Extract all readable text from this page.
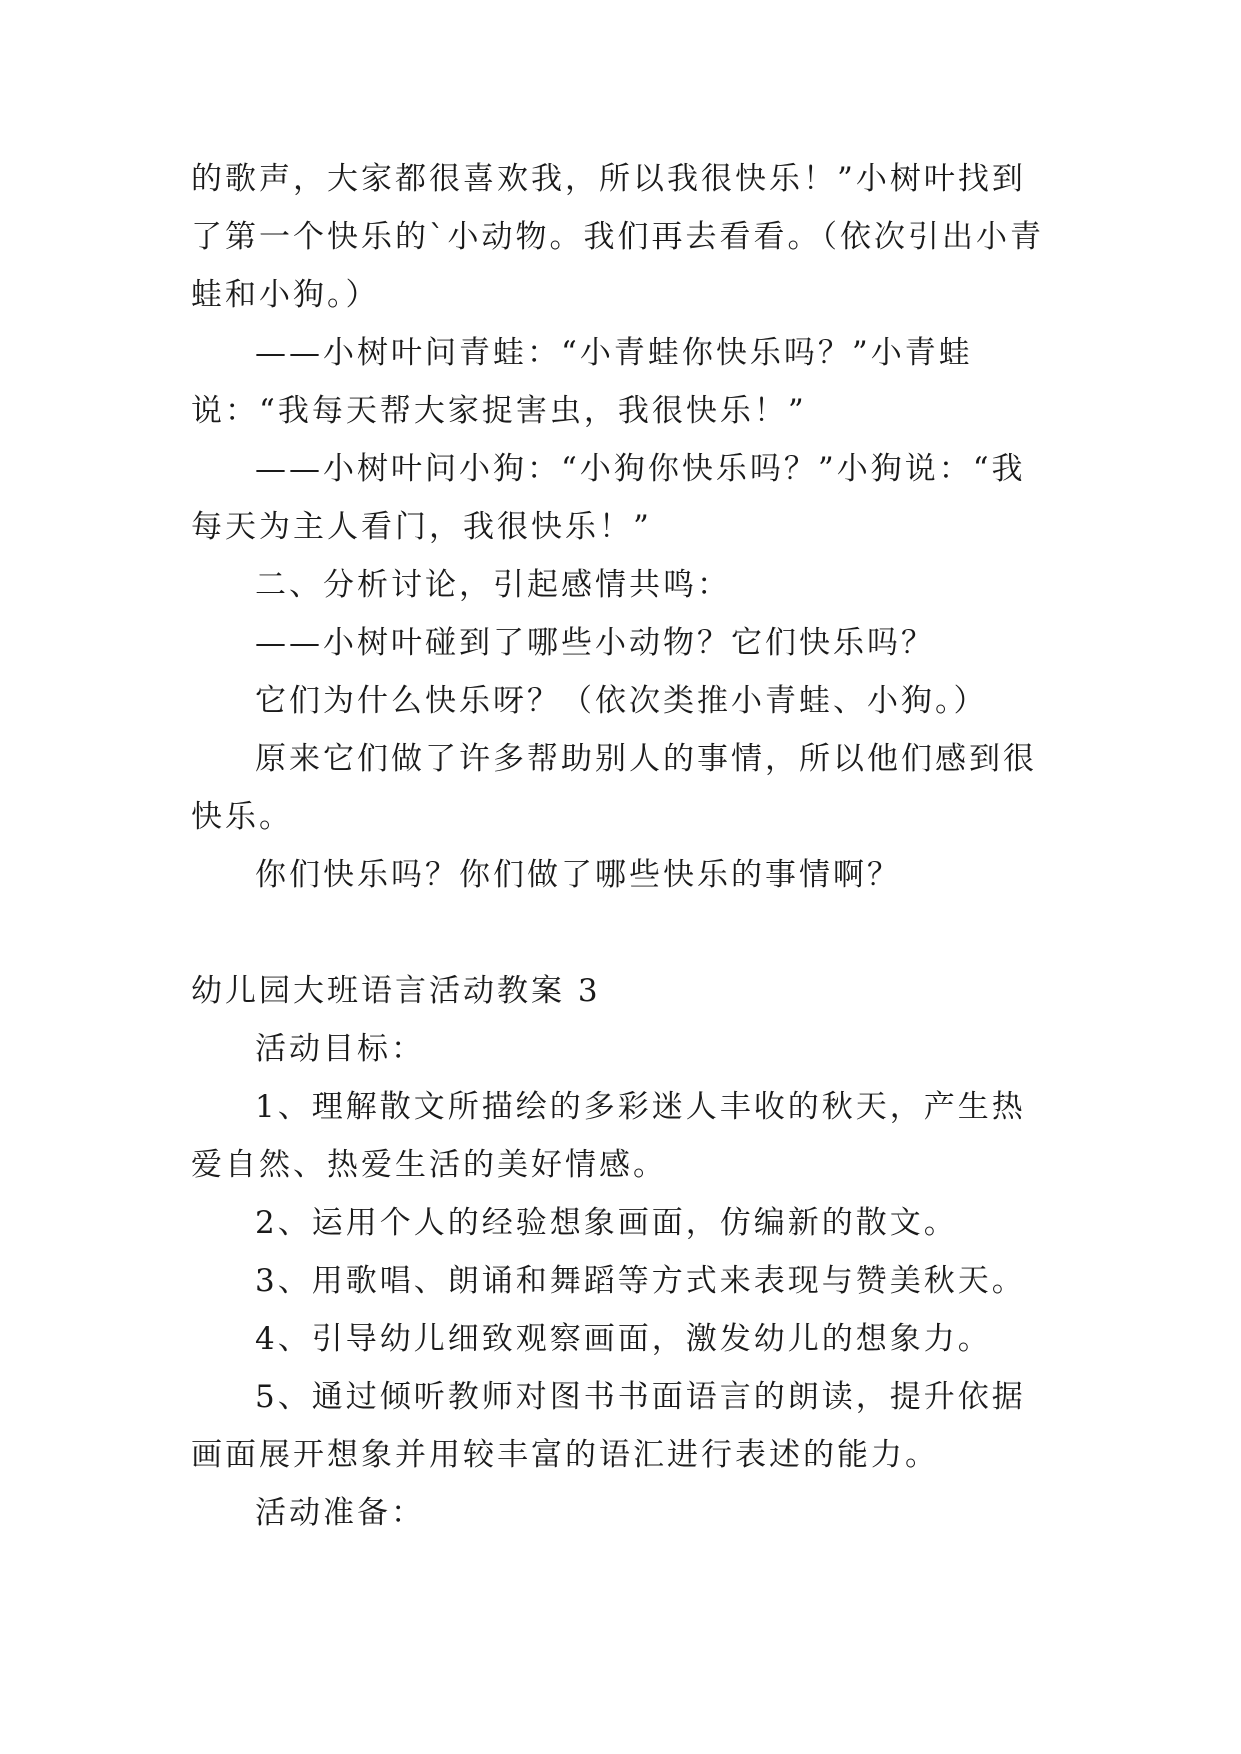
的歌声，大家都很喜欢我，所以我很快乐！”小树叶找到了第一个快乐的`小动物。我们再去看看。（依次引出小青蛙和小狗。）

——小树叶问青蛙：“小青蛙你快乐吗？”小青蛙说：“我每天帮大家捉害虫，我很快乐！”

——小树叶问小狗：“小狗你快乐吗？”小狗说：“我每天为主人看门，我很快乐！”

二、分析讨论，引起感情共鸣：

——小树叶碰到了哪些小动物？它们快乐吗？

它们为什么快乐呀？（依次类推小青蛙、小狗。）

原来它们做了许多帮助别人的事情，所以他们感到很快乐。

你们快乐吗？你们做了哪些快乐的事情啊？

幼儿园大班语言活动教案 3

活动目标：

1、理解散文所描绘的多彩迷人丰收的秋天，产生热爱自然、热爱生活的美好情感。

2、运用个人的经验想象画面，仿编新的散文。

3、用歌唱、朗诵和舞蹈等方式来表现与赞美秋天。

4、引导幼儿细致观察画面，激发幼儿的想象力。

5、通过倾听教师对图书书面语言的朗读，提升依据画面展开想象并用较丰富的语汇进行表述的能力。

活动准备：
